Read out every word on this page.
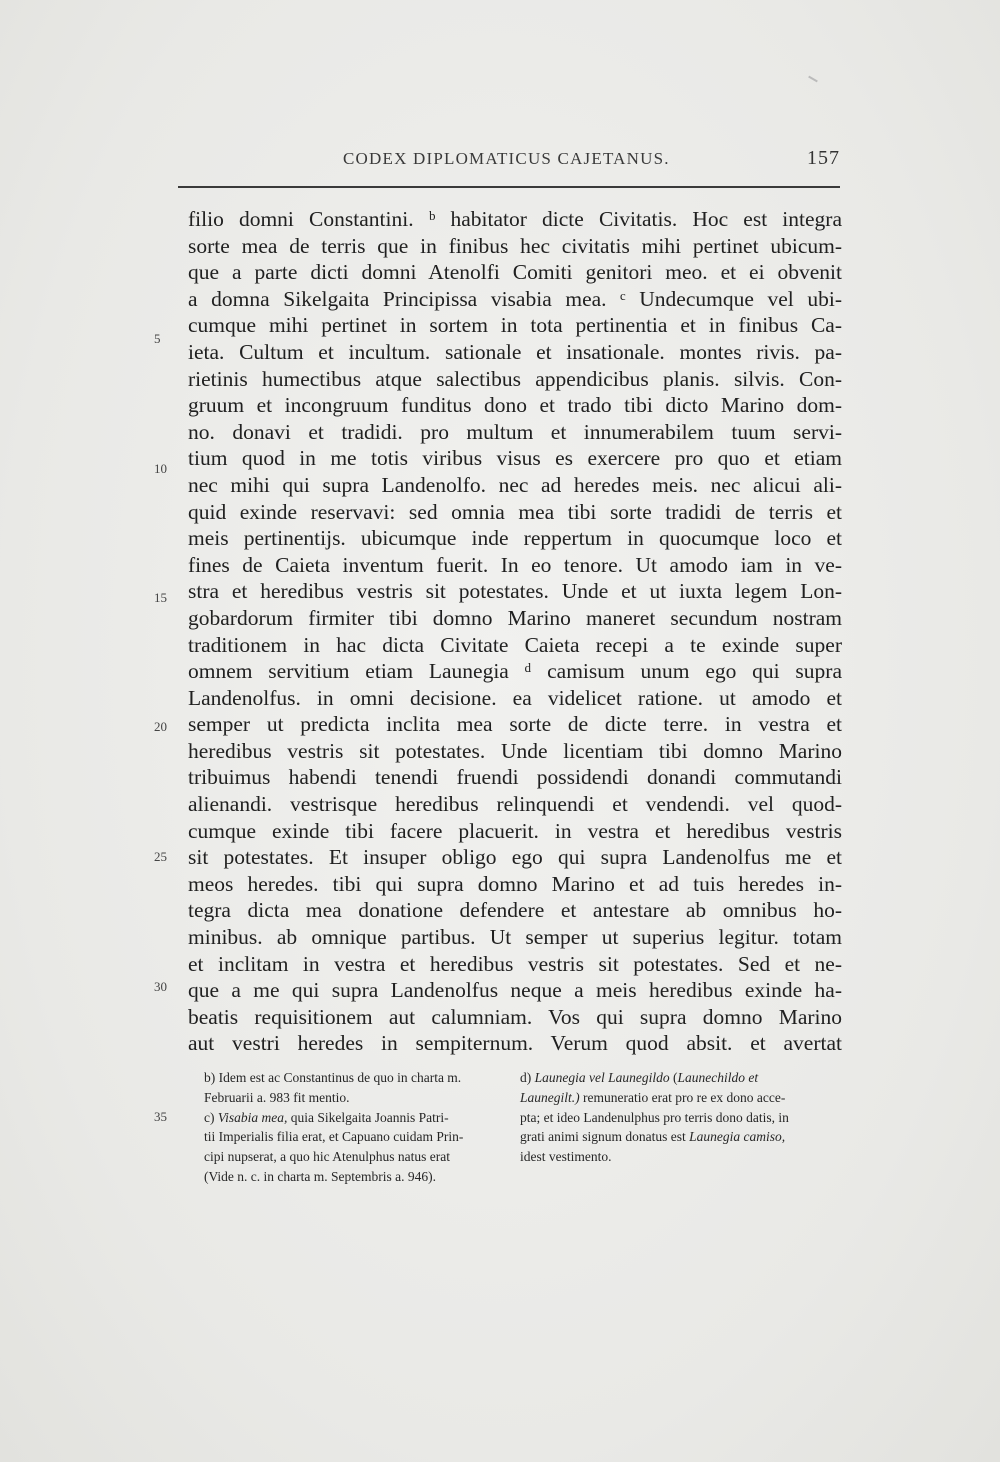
CODEX DIPLOMATICUS CAJETANUS.	157
filio domni Constantini. ᵇ habitator dicte Civitatis. Hoc est integra
sorte mea de terris que in finibus hec civitatis mihi pertinet ubicum-
que a parte dicti domni Atenolfi Comiti genitori meo. et ei obvenit
a domna Sikelgaita Principissa visabia mea. ᶜ Undecumque vel ubi-
cumque mihi pertinet in sortem in tota pertinentia et in finibus Ca-
ieta. Cultum et incultum. sationale et insationale. montes rivis. pa-
rietinis humectibus atque salectibus appendicibus planis. silvis. Con-
gruum et incongruum funditus dono et trado tibi dicto Marino dom-
no. donavi et tradidi. pro multum et innumerabilem tuum servi-
tium quod in me totis viribus visus es exercere pro quo et etiam
nec mihi qui supra Landenolfo. nec ad heredes meis. nec alicui ali-
quid exinde reservavi: sed omnia mea tibi sorte tradidi de terris et
meis pertinentijs. ubicumque inde reppertum in quocumque loco et
fines de Caieta inventum fuerit. In eo tenore. Ut amodo iam in ve-
stra et heredibus vestris sit potestates. Unde et ut iuxta legem Lon-
gobardorum firmiter tibi domno Marino maneret secundum nostram
traditionem in hac dicta Civitate Caieta recepi a te exinde super
omnem servitium etiam Launegia ᵈ camisum unum ego qui supra
Landenolfus. in omni decisione. ea videlicet ratione. ut amodo et
semper ut predicta inclita mea sorte de dicte terre. in vestra et
heredibus vestris sit potestates. Unde licentiam tibi domno Marino
tribuimus habendi tenendi fruendi possidendi donandi commutandi
alienandi. vestrisque heredibus relinquendi et vendendi. vel quod-
cumque exinde tibi facere placuerit. in vestra et heredibus vestris
sit potestates. Et insuper obligo ego qui supra Landenolfus me et
meos heredes. tibi qui supra domno Marino et ad tuis heredes in-
tegra dicta mea donatione defendere et antestare ab omnibus ho-
minibus. ab omnique partibus. Ut semper ut superius legitur. totam
et inclitam in vestra et heredibus vestris sit potestates. Sed et ne-
que a me qui supra Landenolfus neque a meis heredibus exinde ha-
beatis requisitionem aut calumniam. Vos qui supra domno Marino
aut vestri heredes in sempiternum. Verum quod absit. et avertat
5
10
15
20
25
30
35
b) Idem est ac Constantinus de quo in charta m.
Februarii a. 983 fit mentio.
c) Visabia mea, quia Sikelgaita Joannis Patri-
tii Imperialis filia erat, et Capuano cuidam Prin-
cipi nupserat, a quo hic Atenulphus natus erat
(Vide n. c. in charta m. Septembris a. 946).
d) Launegia vel Launegildo (Launechildo et
Launegilt.) remuneratio erat pro re ex dono acce-
pta; et ideo Landenulphus pro terris dono datis, in
grati animi signum donatus est Launegia camiso,
idest vestimento.
